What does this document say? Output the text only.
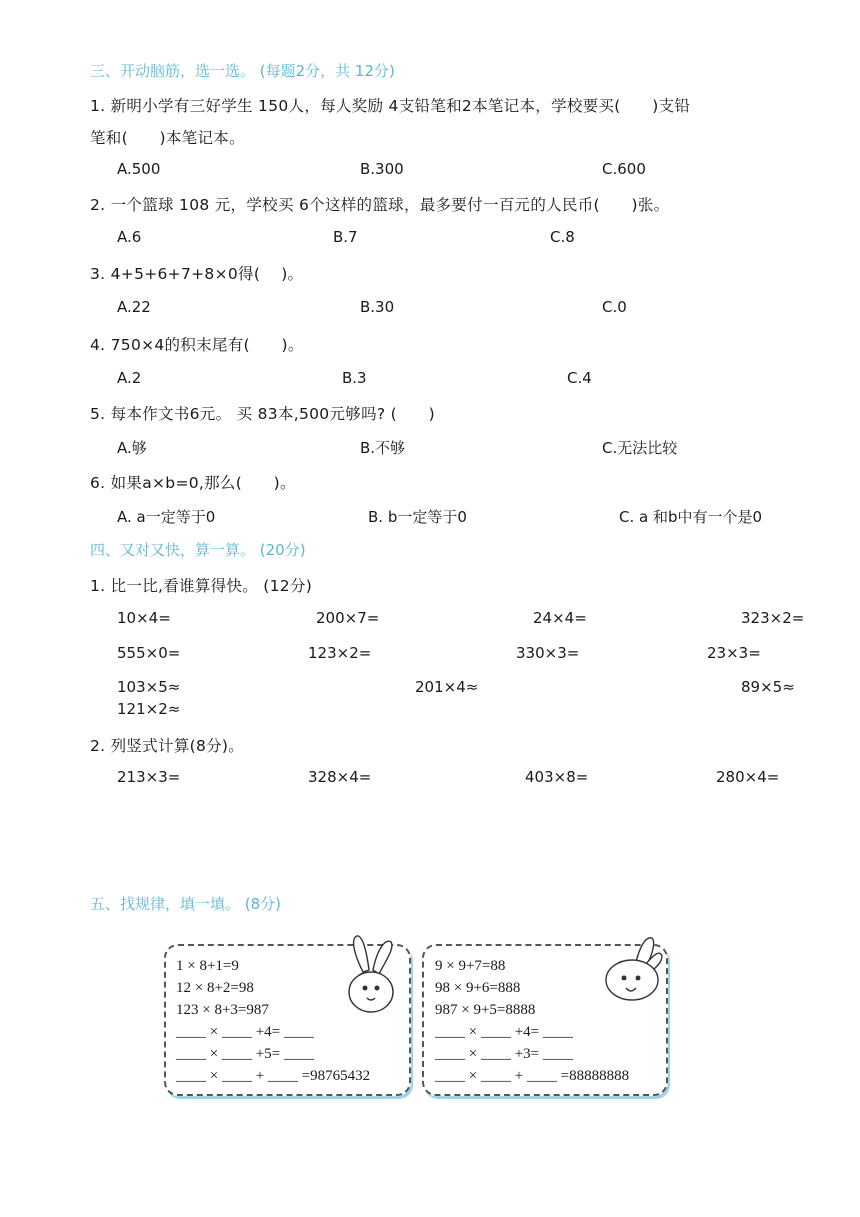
三、开动脑筋，选一选。 (每题2分，共 12分)
1. 新明小学有三好学生 150人，每人奖励 4支铅笔和2本笔记本，学校要买(　　)支铅
笔和(　　)本笔记本。
A.500	B.300	C.600
2. 一个篮球 108 元，学校买 6个这样的篮球，最多要付一百元的人民币(　　)张。
A.6	B.7	C.8
3. 4+5+6+7+8×0得(　 )。
A.22	B.30	C.0
4. 750×4的积末尾有(　　)。
A.2	B.3	C.4
5. 每本作文书6元。 买 83本,500元够吗? (　　)
A.够	B.不够	C.无法比较
6. 如果a×b=0,那么(　　)。
A. a一定等于0	B. b一定等于0	C. a 和b中有一个是0
四、又对又快，算一算。 (20分)
1. 比一比,看谁算得快。 (12分)
10×4=	200×7=	24×4=	323×2=
555×0=	123×2=	330×3=	23×3=
103×5≈	201×4≈	89×5≈
121×2≈
2. 列竖式计算(8分)。
213×3=	328×4=	403×8=	280×4=
五、找规律，填一填。 (8分)
1 × 8+1=9
12 × 8+2=98
123 × 8+3=987
____ × ____ +4= ____
____ × ____ +5= ____
____ × ____ + ____ =98765432
9 × 9+7=88
98 × 9+6=888
987 × 9+5=8888
____ × ____ +4= ____
____ × ____ +3= ____
____ × ____ + ____ =88888888
